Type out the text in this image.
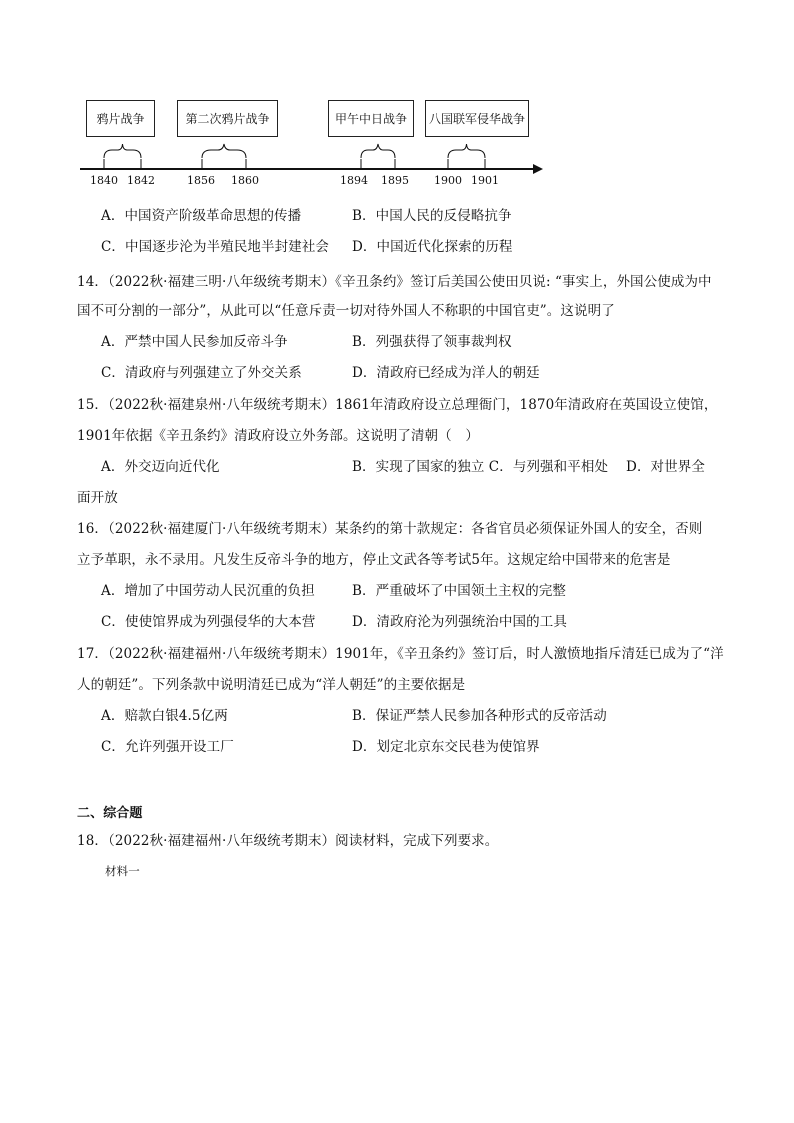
鸦片战争	第二次鸦片战争	甲午中日战争	八国联军侵华战争
1840 1842	1856 1860	1894 1895 1900 1901
A．中国资产阶级革命思想的传播	B．中国人民的反侵略抗争
C．中国逐步沦为半殖民地半封建社会 D．中国近代化探索的历程
14．（2022秋·福建三明·八年级统考期末）《辛丑条约》签订后美国公使田贝说: “事实上，外国公使成为中
国不可分割的一部分”，从此可以“任意斥责一切对待外国人不称职的中国官吏”。这说明了
A．严禁中国人民参加反帝斗争	B．列强获得了领事裁判权
C．清政府与列强建立了外交关系	D．清政府已经成为洋人的朝廷
15．（2022秋·福建泉州·八年级统考期末）1861年清政府设立总理衙门，1870年清政府在英国设立使馆，
1901年依据《辛丑条约》清政府设立外务部。这说明了清朝（　）
A．外交迈向近代化	B．实现了国家的独立 C．与列强和平相处　 D．对世界全
面开放
16．（2022秋·福建厦门·八年级统考期末）某条约的第十款规定：各省官员必须保证外国人的安全，否则
立予革职，永不录用。凡发生反帝斗争的地方，停止文武各等考试5年。这规定给中国带来的危害是
A．增加了中国劳动人民沉重的负担	B．严重破坏了中国领土主权的完整
C．使使馆界成为列强侵华的大本营	D．清政府沦为列强统治中国的工具
17．（2022秋·福建福州·八年级统考期末）1901年，《辛丑条约》签订后，时人激愤地指斥清廷已成为了“洋
人的朝廷”。下列条款中说明清廷已成为“洋人朝廷”的主要依据是
A．赔款白银4.5亿两	B．保证严禁人民参加各种形式的反帝活动
C．允许列强开设工厂	D．划定北京东交民巷为使馆界
二、综合题
18．（2022秋·福建福州·八年级统考期末）阅读材料，完成下列要求。
材料一
